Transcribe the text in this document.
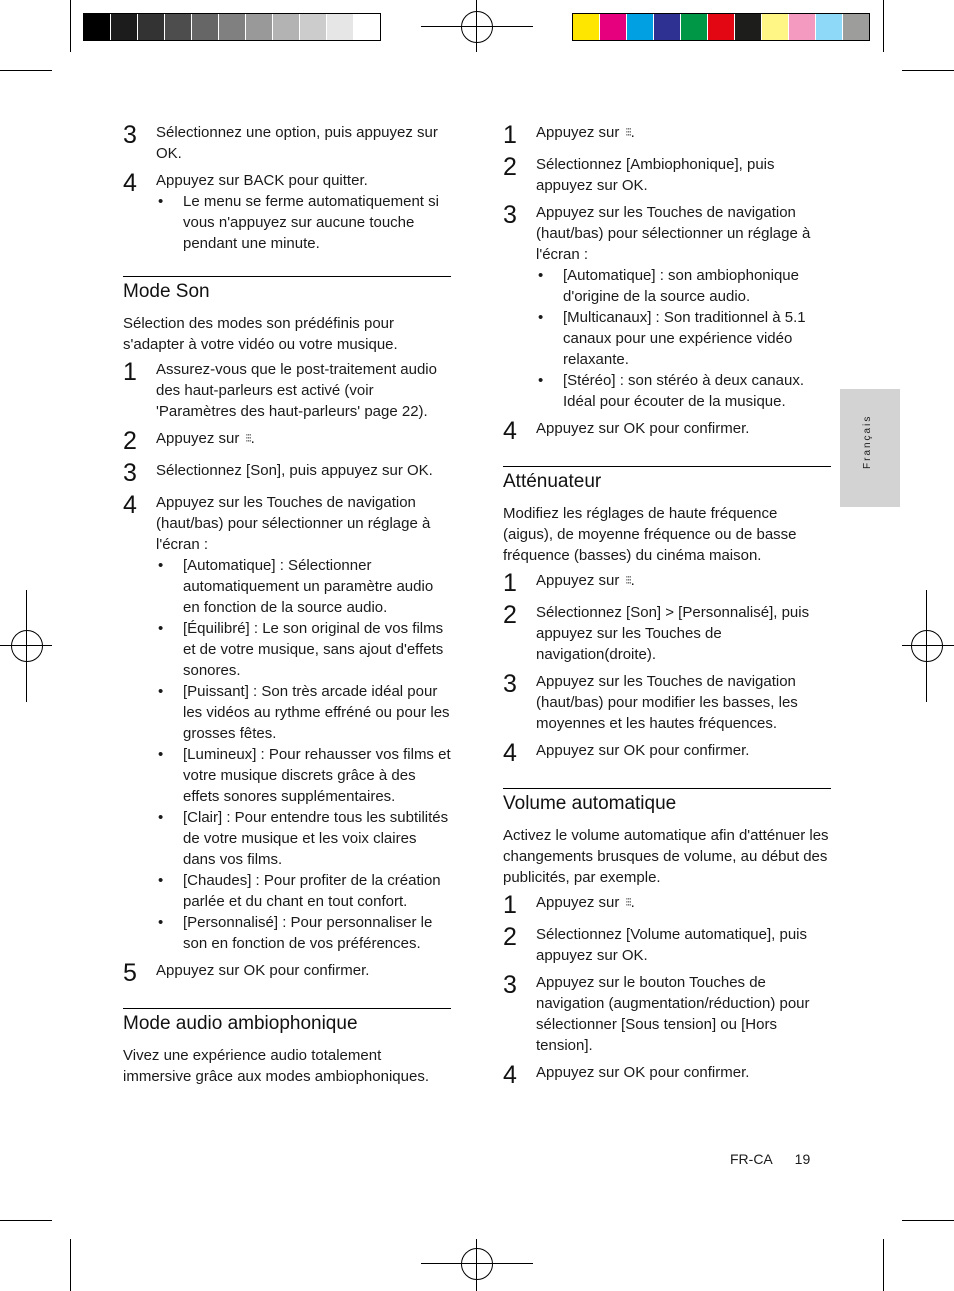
3	Sélectionnez une option, puis appuyez sur OK.
4	Appuyez sur BACK pour quitter.
• Le menu se ferme automatiquement si vous n'appuyez sur aucune touche pendant une minute.
Mode Son

Sélection des modes son prédéfinis pour s'adapter à votre vidéo ou votre musique.

1	Assurez-vous que le post-traitement audio des haut-parleurs est activé (voir 'Paramètres des haut-parleurs' page 22).
2	Appuyez sur ⫶⫶⫶.
3	Sélectionnez [Son], puis appuyez sur OK.
4	Appuyez sur les Touches de navigation (haut/bas) pour sélectionner un réglage à l'écran :
• [Automatique] : Sélectionner automatiquement un paramètre audio en fonction de la source audio.
• [Équilibré] : Le son original de vos films et de votre musique, sans ajout d'effets sonores.
• [Puissant] : Son très arcade idéal pour les vidéos au rythme effréné ou pour les grosses fêtes.
• [Lumineux] : Pour rehausser vos films et votre musique discrets grâce à des effets sonores supplémentaires.
• [Clair] : Pour entendre tous les subtilités de votre musique et les voix claires dans vos films.
• [Chaudes] : Pour profiter de la création parlée et du chant en tout confort.
• [Personnalisé] : Pour personnaliser le son en fonction de vos préférences.
5	Appuyez sur OK pour confirmer.
Mode audio ambiophonique

Vivez une expérience audio totalement immersive grâce aux modes ambiophoniques.

1	Appuyez sur ⫶⫶⫶.
2	Sélectionnez [Ambiophonique], puis appuyez sur OK.
3	Appuyez sur les Touches de navigation (haut/bas) pour sélectionner un réglage à l'écran :
• [Automatique] : son ambiophonique d'origine de la source audio.
• [Multicanaux] : Son traditionnel à 5.1 canaux pour une expérience vidéo relaxante.
• [Stéréo] : son stéréo à deux canaux. Idéal pour écouter de la musique.
4	Appuyez sur OK pour confirmer.
Atténuateur

Modifiez les réglages de haute fréquence (aigus), de moyenne fréquence ou de basse fréquence (basses) du cinéma maison.

1	Appuyez sur ⫶⫶⫶.
2	Sélectionnez [Son] > [Personnalisé], puis appuyez sur les Touches de navigation(droite).
3	Appuyez sur les Touches de navigation (haut/bas) pour modifier les basses, les moyennes et les hautes fréquences.
4	Appuyez sur OK pour confirmer.
Volume automatique

Activez le volume automatique afin d'atténuer les changements brusques de volume, au début des publicités, par exemple.

1	Appuyez sur ⫶⫶⫶.
2	Sélectionnez [Volume automatique], puis appuyez sur OK.
3	Appuyez sur le bouton Touches de navigation (augmentation/réduction) pour sélectionner [Sous tension] ou [Hors tension].
4	Appuyez sur OK pour confirmer.
Français
FR-CA 19
